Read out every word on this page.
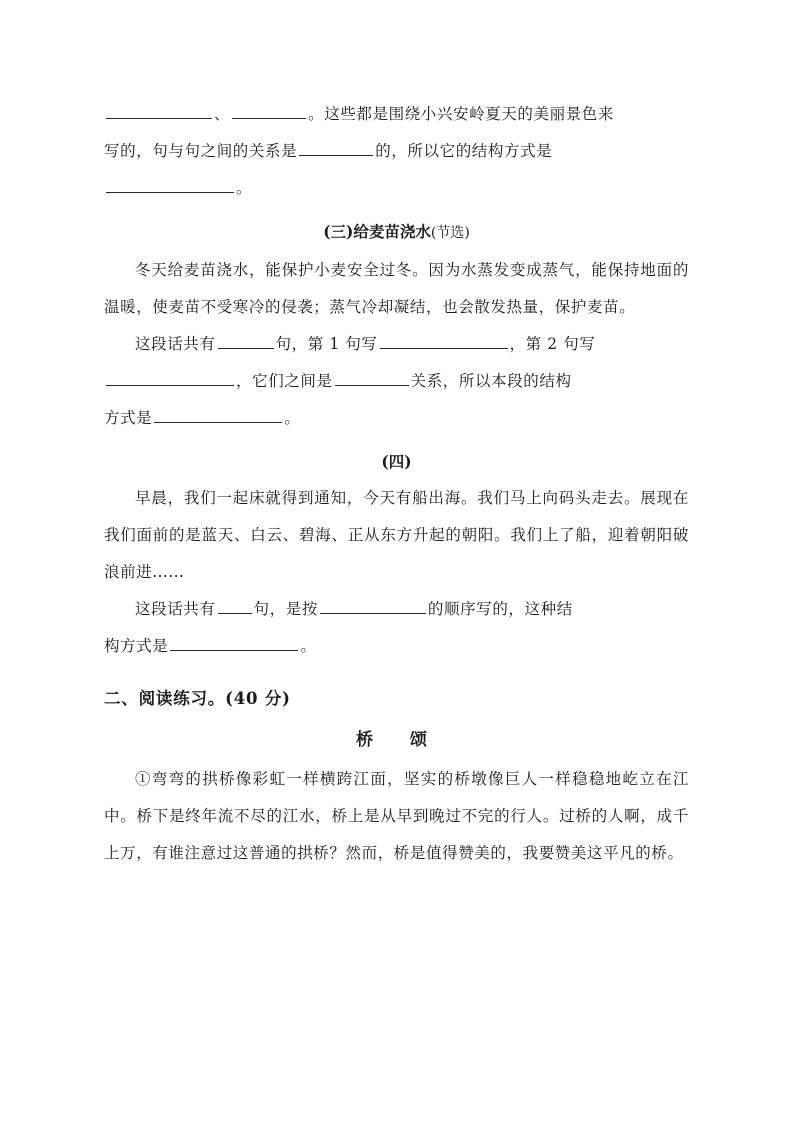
、	。这些都是围绕小兴安岭夏天的美丽景色来
写的，句与句之间的关系是	的，所以它的结构方式是
。
(三)给麦苗浇水(节选)
冬天给麦苗浇水，能保护小麦安全过冬。因为水蒸发变成蒸气，能保持地面的温暖，使麦苗不受寒冷的侵袭；蒸气冷却凝结，也会散发热量，保护麦苗。
这段话共有	句，第 1 句写	，第 2 句写
，它们之间是	关系，所以本段的结构
方式是	。
(四)
早晨，我们一起床就得到通知，今天有船出海。我们马上向码头走去。展现在我们面前的是蓝天、白云、碧海、正从东方升起的朝阳。我们上了船，迎着朝阳破浪前进……
这段话共有 句，是按	的顺序写的，这种结
构方式是	。
二、阅读练习。(40 分)
桥　颂
①弯弯的拱桥像彩虹一样横跨江面，坚实的桥墩像巨人一样稳稳地屹立在江中。桥下是终年流不尽的江水，桥上是从早到晚过不完的行人。过桥的人啊，成千上万，有谁注意过这普通的拱桥？然而，桥是值得赞美的，我要赞美这平凡的桥。
